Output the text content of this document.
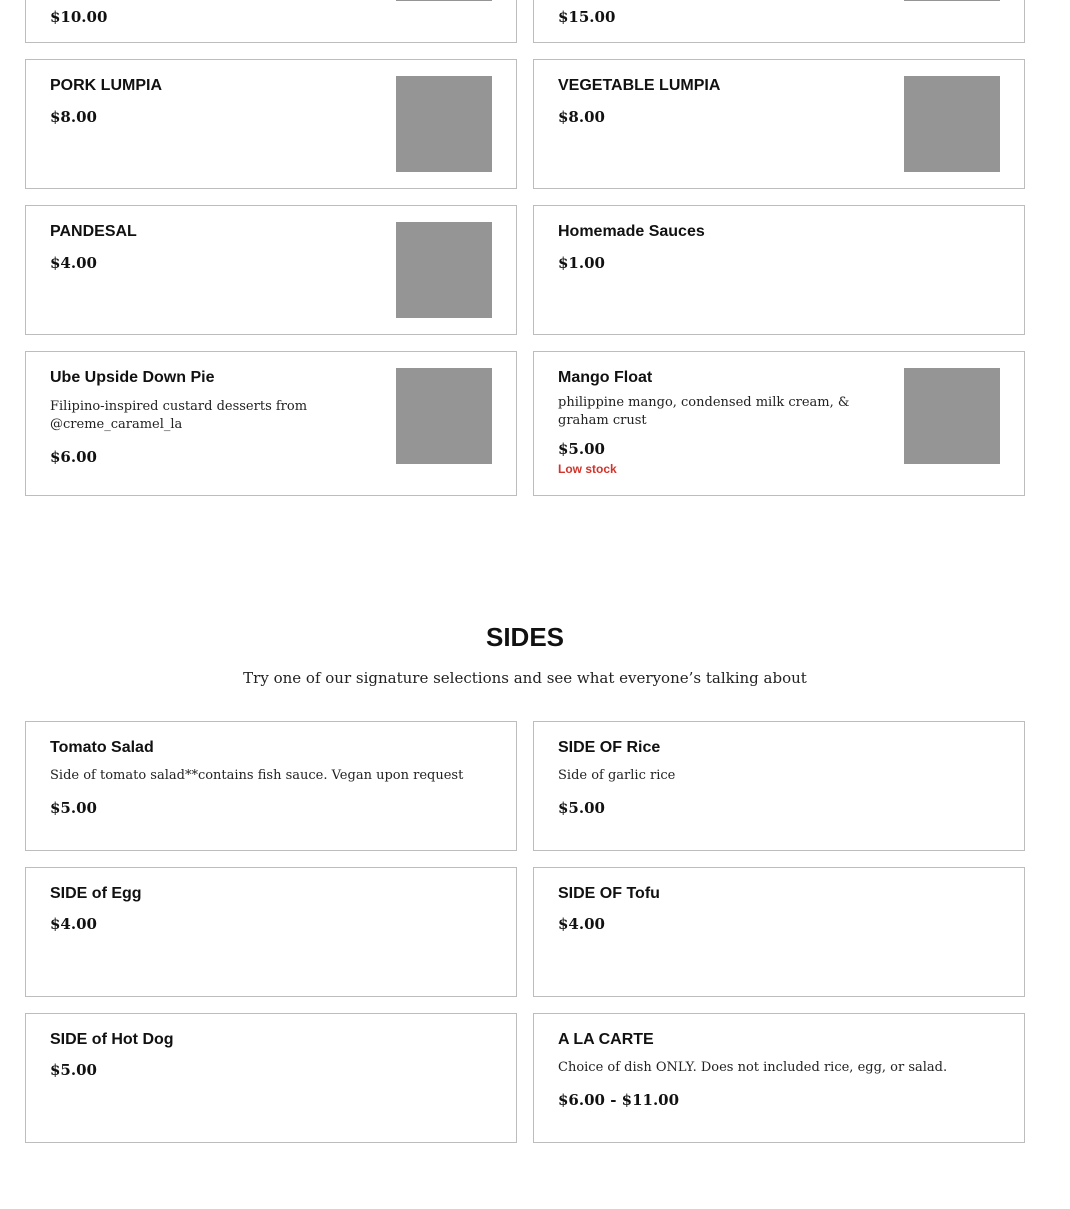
$10.00	$15.00
PORK LUMPIA
$8.00
VEGETABLE LUMPIA
$8.00
PANDESAL
$4.00
Homemade Sauces
$1.00
Ube Upside Down Pie
Filipino-inspired custard desserts from @creme_caramel_la
$6.00
Mango Float
philippine mango, condensed milk cream, & graham crust
$5.00
Low stock
SIDES

Try one of our signature selections and see what everyone’s talking about

Tomato Salad
Side of tomato salad**contains fish sauce. Vegan upon request
$5.00
SIDE OF Rice
Side of garlic rice
$5.00
SIDE of Egg
$4.00
SIDE OF Tofu
$4.00
SIDE of Hot Dog
$5.00
A LA CARTE
Choice of dish ONLY. Does not included rice, egg, or salad.
$6.00 - $11.00
